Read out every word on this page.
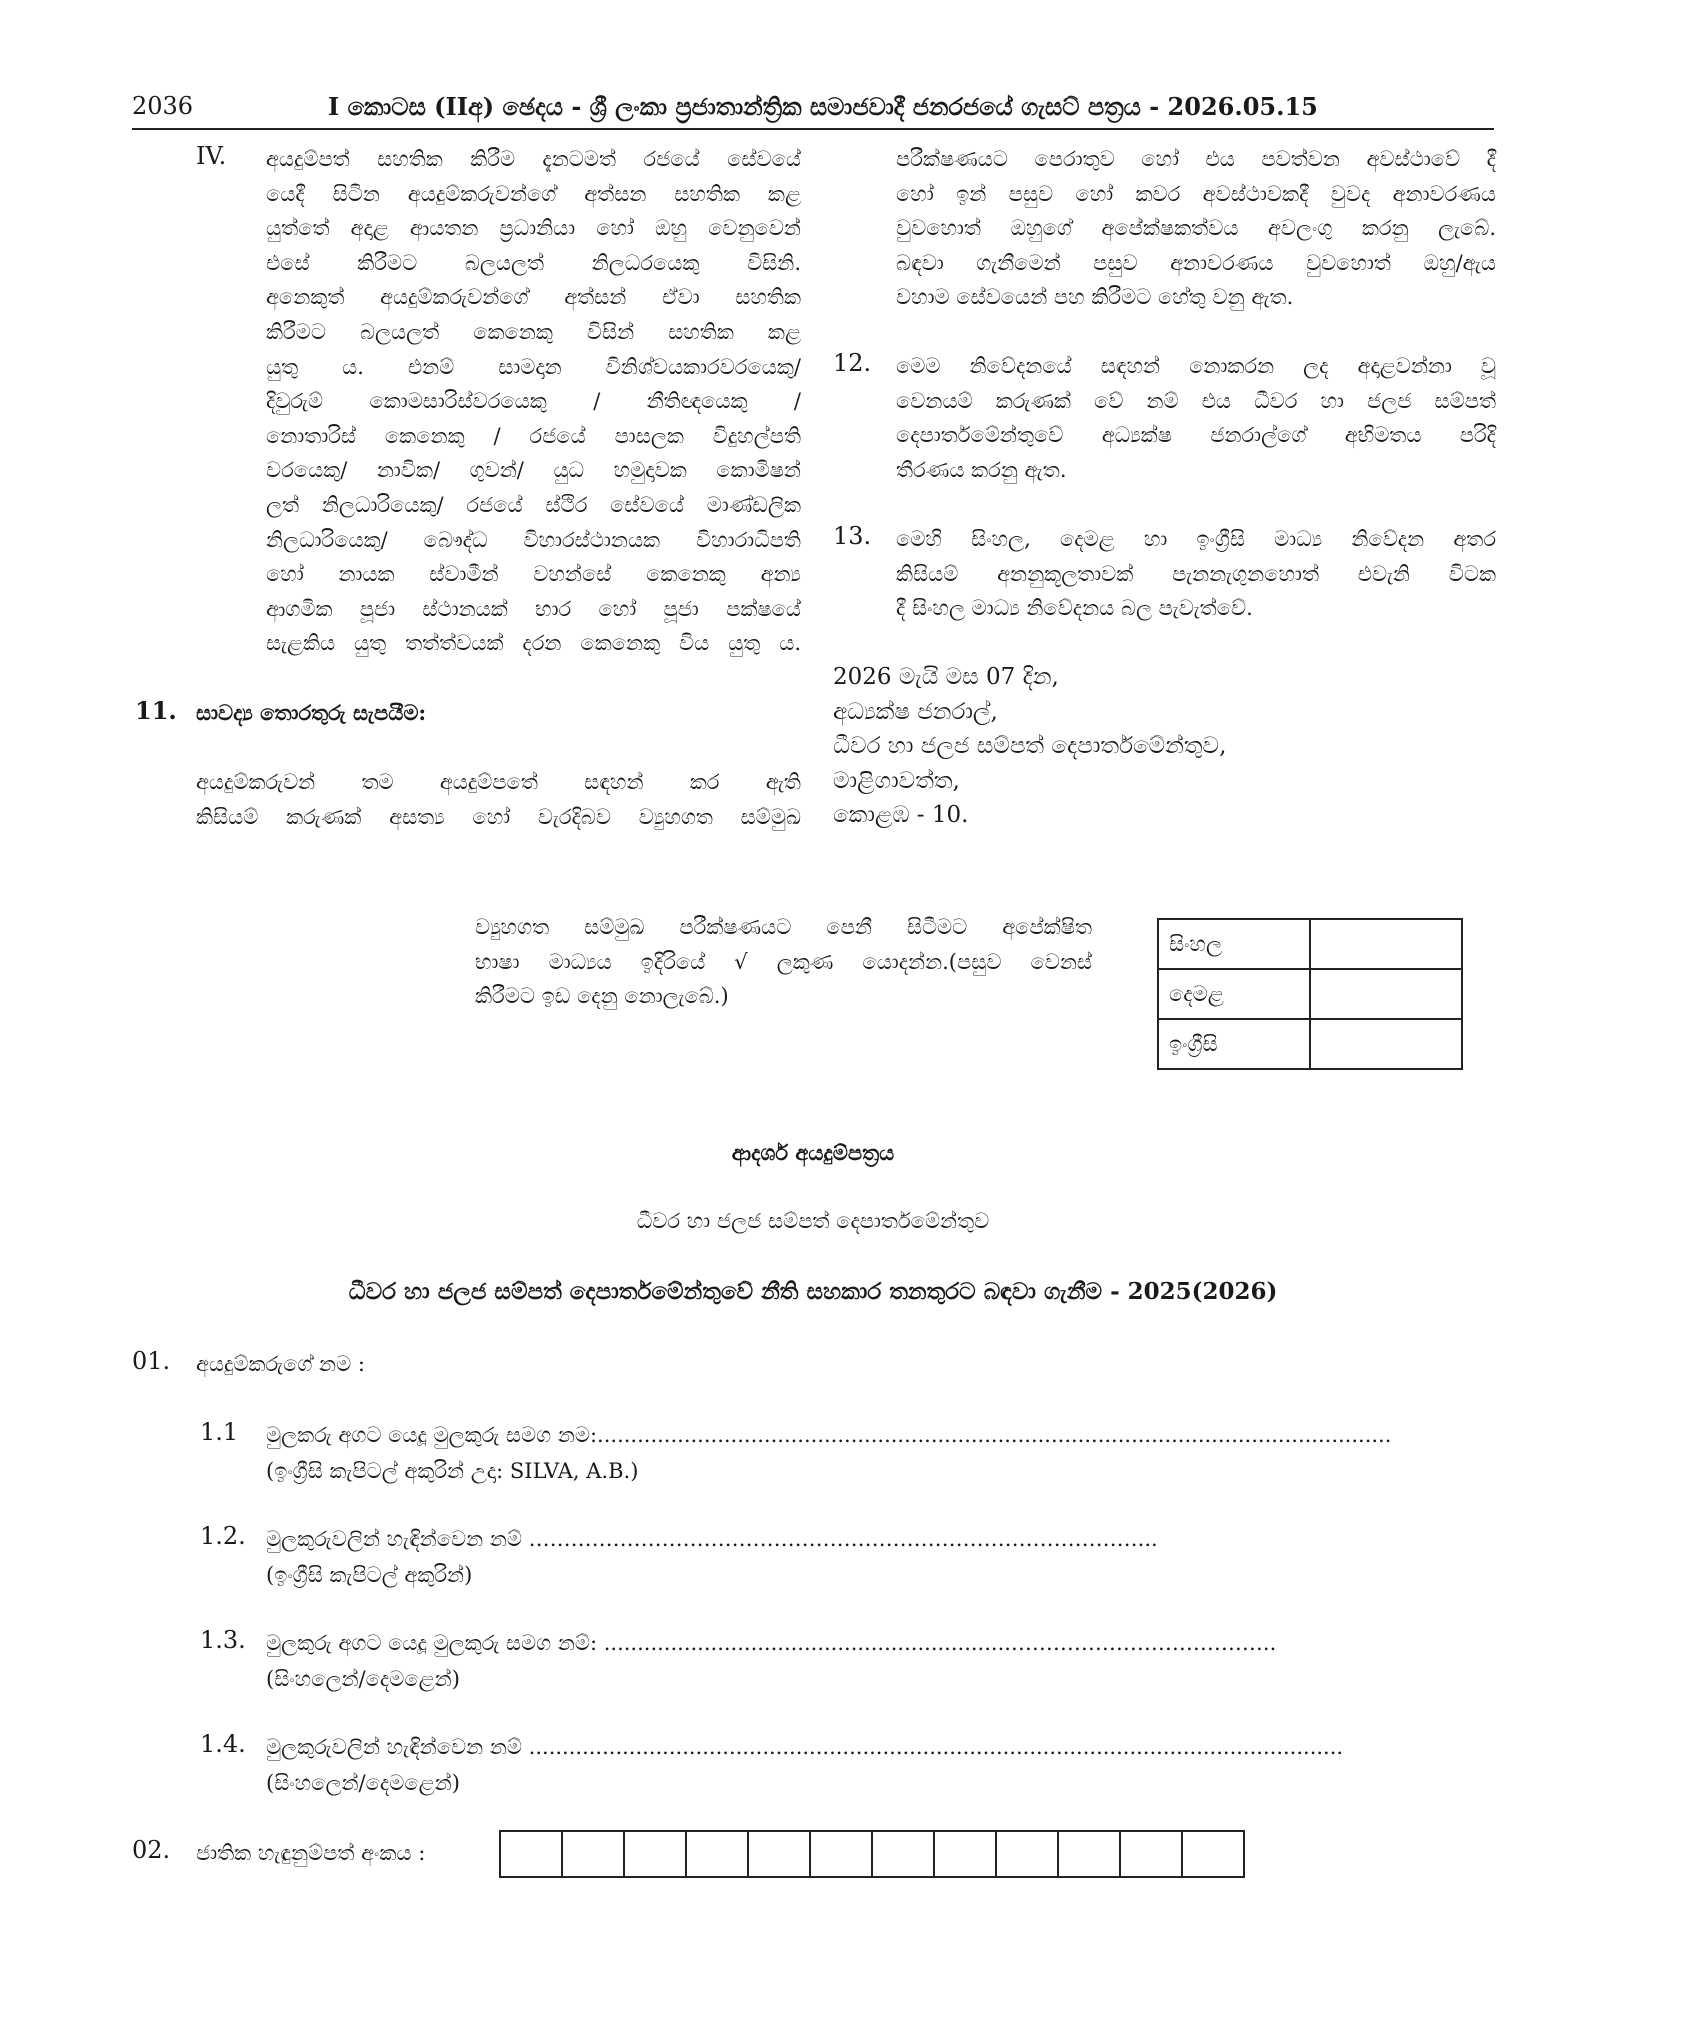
2036	I කොටස (IIඅ) ඡෙදය - ශ්‍රී ලංකා ප්‍රජාතාන්ත්‍රික සමාජවාදී ජනරජයේ ගැසට් පත්‍රය - 2026.05.15
IV. අයදුම්පත් සහතික කිරීම දැනටමත් රජයේ සේවයේ
යෙදී සිටින අයදුම්කරුවන්ගේ අත්සන සහතික කළ
යුත්තේ අදාළ ආයතන ප්‍රධානියා හෝ ඔහු වෙනුවෙන්
එසේ කිරීමට බලයලත් නිලධරයෙකු විසිනි.
අනෙකුත් අයදුම්කරුවන්ගේ අත්සන් ඒවා සහතික
කිරීමට බලයලත් කෙනෙකු විසින් සහතික කළ
යුතු ය. එනම් සාමදාන විනිශ්වයකාරවරයෙකු/
දිවුරුම් කොමසාරිස්වරයෙකු / නීතිඥයෙකු /
නොතාරිස් කෙනෙකු / රජයේ පාසලක විදුහල්පති
වරයෙකු/ නාවික/ ගුවන්/ යුධ හමුදාවක කොමිෂන්
ලත් නිලධාරියෙකු/ රජයේ ස්ථිර සේවයේ මාණ්ඩලික
නිලධාරියෙකු/ බෞද්ධ විහාරස්ථානයක විහාරාධිපති
හෝ නායක ස්වාමීන් වහන්සේ කෙනෙකු අන්‍ය
ආගමික පූජා ස්ථානයක් භාර හෝ පූජා පක්ෂයේ
සැළකිය යුතු තත්ත්වයක් දරන කෙනෙකු විය යුතු ය.
11. සාවද්‍ය තොරතුරු සැපයීම:
අයදුම්කරුවන් තම අයදුම්පතේ සඳහන් කර ඇති
කිසියම් කරුණක් අසත්‍ය හෝ වැරදිබව ව්‍යුහගත සම්මුඛ
පරීක්ෂණයට පෙරාතුව හෝ එය පවත්වන අවස්ථාවේ දී
හෝ ඉන් පසුව හෝ කවර අවස්ථාවකදී වුවද අනාවරණය
වුවහොත් ඔහුගේ අපේක්ෂකත්වය අවලංගු කරනු ලැබේ.
බඳවා ගැනීමෙන් පසුව අනාවරණය වුවහොත් ඔහු/ඇය
වහාම සේවයෙන් පහ කිරීමට හේතු වනු ඇත.
12. මෙම නිවේදනයේ සඳහන් නොකරන ලද අදාළවන්නා වූ
වෙනයම් කරුණක් වේ නම් එය ධීවර හා ජලජ සම්පත්
දෙපාර්තමේන්තුවේ අධ්‍යක්ෂ ජනරාල්ගේ අභිමතය පරිදි
තීරණය කරනු ඇත.
13. මෙහි සිංහල, දෙමළ හා ඉංග්‍රීසි මාධ්‍ය නිවේදන අතර
කිසියම් අනනුකූලතාවක් පැනනැගුනහොත් එවැනි විටක
දී සිංහල මාධ්‍ය නිවේදනය බල පැවැත්වේ.
2026 මැයි මස 07 දින,
අධ්‍යක්ෂ ජනරාල්,
ධීවර හා ජලජ සම්පත් දෙපාර්තමේන්තුව,
මාළිගාවත්ත,
කොළඹ - 10.
ව්‍යුහගත සම්මුඛ පරීක්ෂණයට පෙනී සිටීමට අපේක්ෂිත
භාෂා මාධ්‍යය ඉදිරියේ √ ලකුණ යොදන්න.(පසුව වෙනස්
කිරීමට ඉඩ දෙනු නොලැබේ.)
සිංහල	
දෙමළ	
ඉංග්‍රීසි	
ආදර්ශ අයදුම්පත්‍රය
ධීවර හා ජලජ සම්පත් දෙපාර්තමේන්තුව
ධීවර හා ජලජ සම්පත් දෙපාර්තමේන්තුවේ නීති සහකාර තනතුරට බඳවා ගැනීම - 2025(2026)
01. අයදුම්කරුගේ නම :
1.1 මුලකරු අගට යෙදූ මුලකුරු සමග නම:.......................................................................................................................
(ඉංග්‍රීසි කැපිටල් අකුරින් උදා: SILVA, A.B.)
1.2. මුලකුරුවලින් හැඳින්වෙන නම් ……………………………………………………………………………...
(ඉංග්‍රීසි කැපිටල් අකුරින්)
1.3. මුලකුරු අගට යෙදූ මුලකුරු සමග නම්: .............................................................………………………………..
(සිංහලෙන්/දෙමළෙන්)
1.4. මුලකුරුවලින් හැඳින්වෙන නම් ..........................................................................................................................
(සිංහලෙන්/දෙමළෙන්)
02. ජාතික හැඳුනුම්පත් අංකය :
